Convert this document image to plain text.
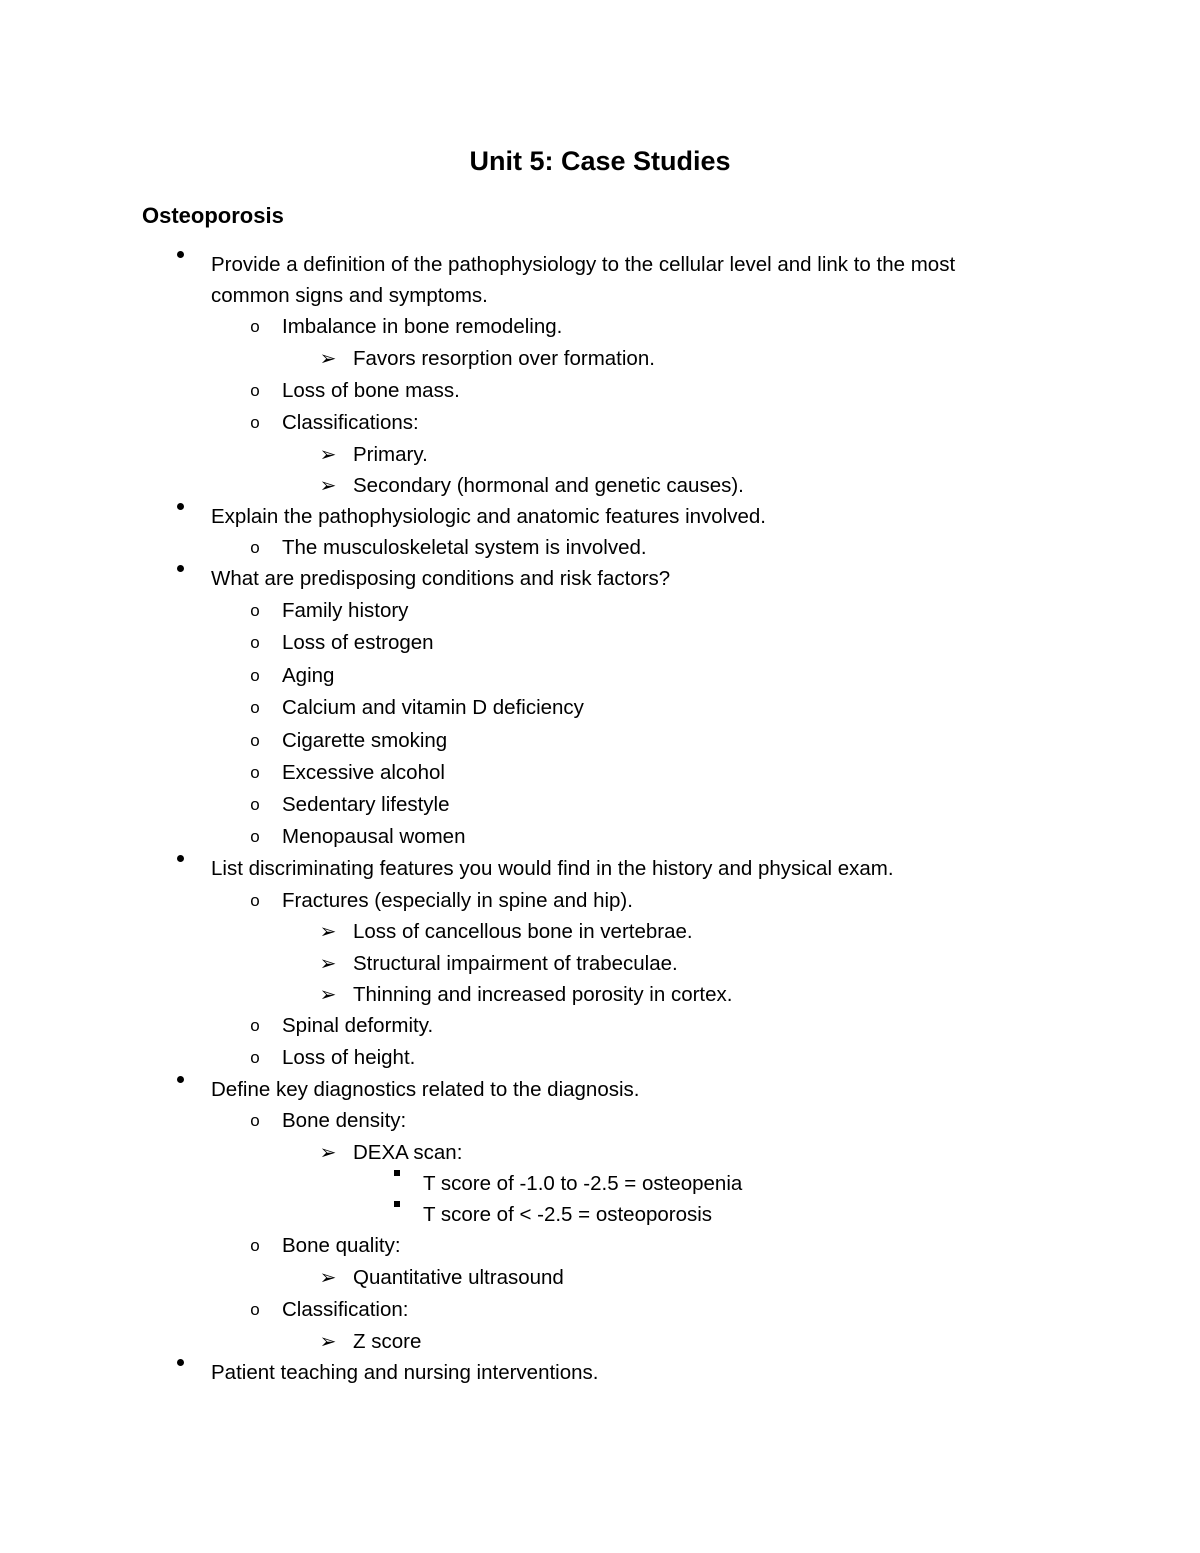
Unit 5: Case Studies
Osteoporosis
Provide a definition of the pathophysiology to the cellular level and link to the most
common signs and symptoms.
o	Imbalance in bone remodeling.
➢ Favors resorption over formation.
o	Loss of bone mass.
o	Classifications:
➢ Primary.
➢ Secondary (hormonal and genetic causes).
Explain the pathophysiologic and anatomic features involved.
o	The musculoskeletal system is involved.
What are predisposing conditions and risk factors?
o	Family history
o	Loss of estrogen
o	Aging
o	Calcium and vitamin D deficiency
o	Cigarette smoking
o	Excessive alcohol
o	Sedentary lifestyle
o	Menopausal women
List discriminating features you would find in the history and physical exam.
o	Fractures (especially in spine and hip).
➢ Loss of cancellous bone in vertebrae.
➢ Structural impairment of trabeculae.
➢ Thinning and increased porosity in cortex.
o	Spinal deformity.
o	Loss of height.
Define key diagnostics related to the diagnosis.
o	Bone density:
➢ DEXA scan:
T score of -1.0 to -2.5 = osteopenia
T score of < -2.5 = osteoporosis
o	Bone quality:
➢ Quantitative ultrasound
o	Classification:
➢ Z score
Patient teaching and nursing interventions.
